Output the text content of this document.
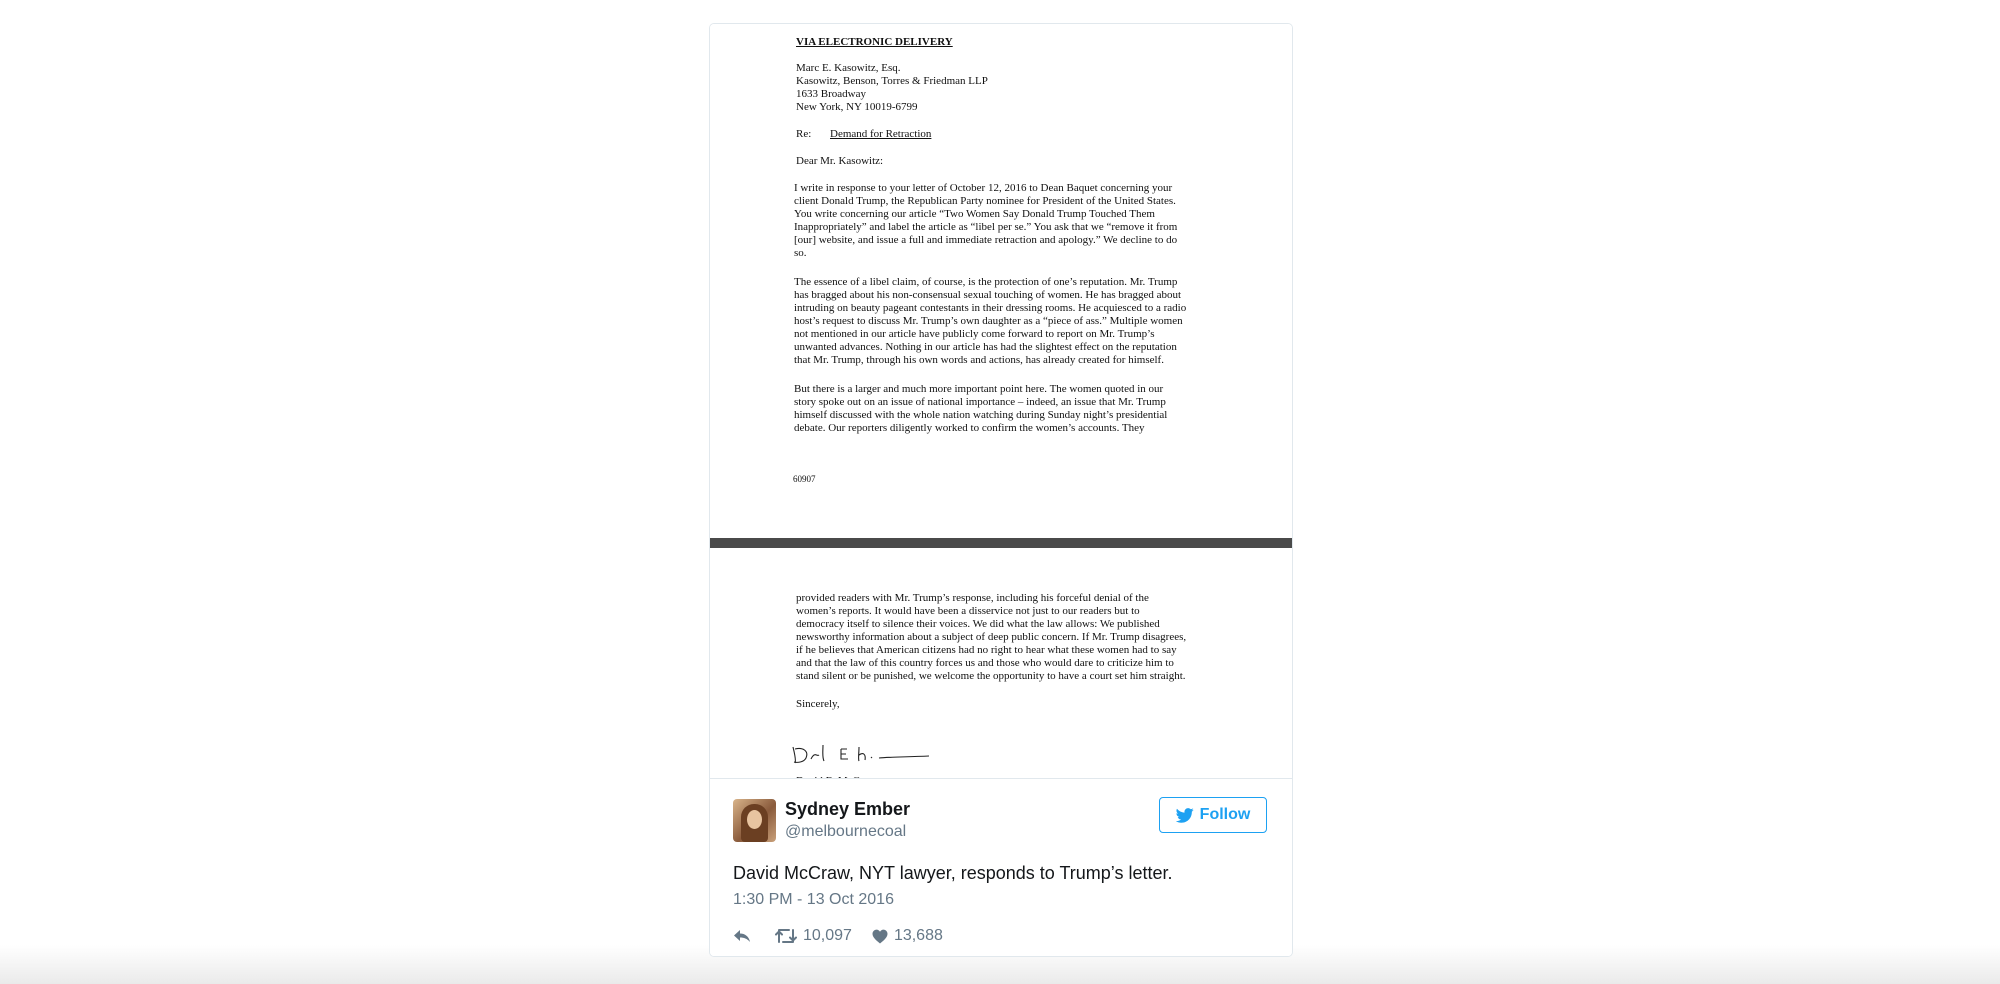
VIA ELECTRONIC DELIVERY

Marc E. Kasowitz, Esq.

Kasowitz, Benson, Torres & Friedman LLP

1633 Broadway

New York, NY 10019-6799

Re: Demand for Retraction

Dear Mr. Kasowitz:

I write in response to your letter of October 12, 2016 to Dean Baquet concerning your

client Donald Trump, the Republican Party nominee for President of the United States.

You write concerning our article “Two Women Say Donald Trump Touched Them

Inappropriately” and label the article as “libel per se.” You ask that we “remove it from

[our] website, and issue a full and immediate retraction and apology.” We decline to do

so.

The essence of a libel claim, of course, is the protection of one’s reputation. Mr. Trump

has bragged about his non-consensual sexual touching of women. He has bragged about

intruding on beauty pageant contestants in their dressing rooms. He acquiesced to a radio

host’s request to discuss Mr. Trump’s own daughter as a “piece of ass.” Multiple women

not mentioned in our article have publicly come forward to report on Mr. Trump’s

unwanted advances. Nothing in our article has had the slightest effect on the reputation

that Mr. Trump, through his own words and actions, has already created for himself.

But there is a larger and much more important point here. The women quoted in our

story spoke out on an issue of national importance – indeed, an issue that Mr. Trump

himself discussed with the whole nation watching during Sunday night’s presidential

debate. Our reporters diligently worked to confirm the women’s accounts. They

60907

provided readers with Mr. Trump’s response, including his forceful denial of the

women’s reports. It would have been a disservice not just to our readers but to

democracy itself to silence their voices. We did what the law allows: We published

newsworthy information about a subject of deep public concern. If Mr. Trump disagrees,

if he believes that American citizens had no right to hear what these women had to say

and that the law of this country forces us and those who would dare to criticize him to

stand silent or be punished, we welcome the opportunity to have a court set him straight.

Sincerely,

Sydney Ember
@melbournecoal
Follow
David McCraw, NYT lawyer, responds to Trump’s letter.
1:30 PM - 13 Oct 2016
10,097	13,688
